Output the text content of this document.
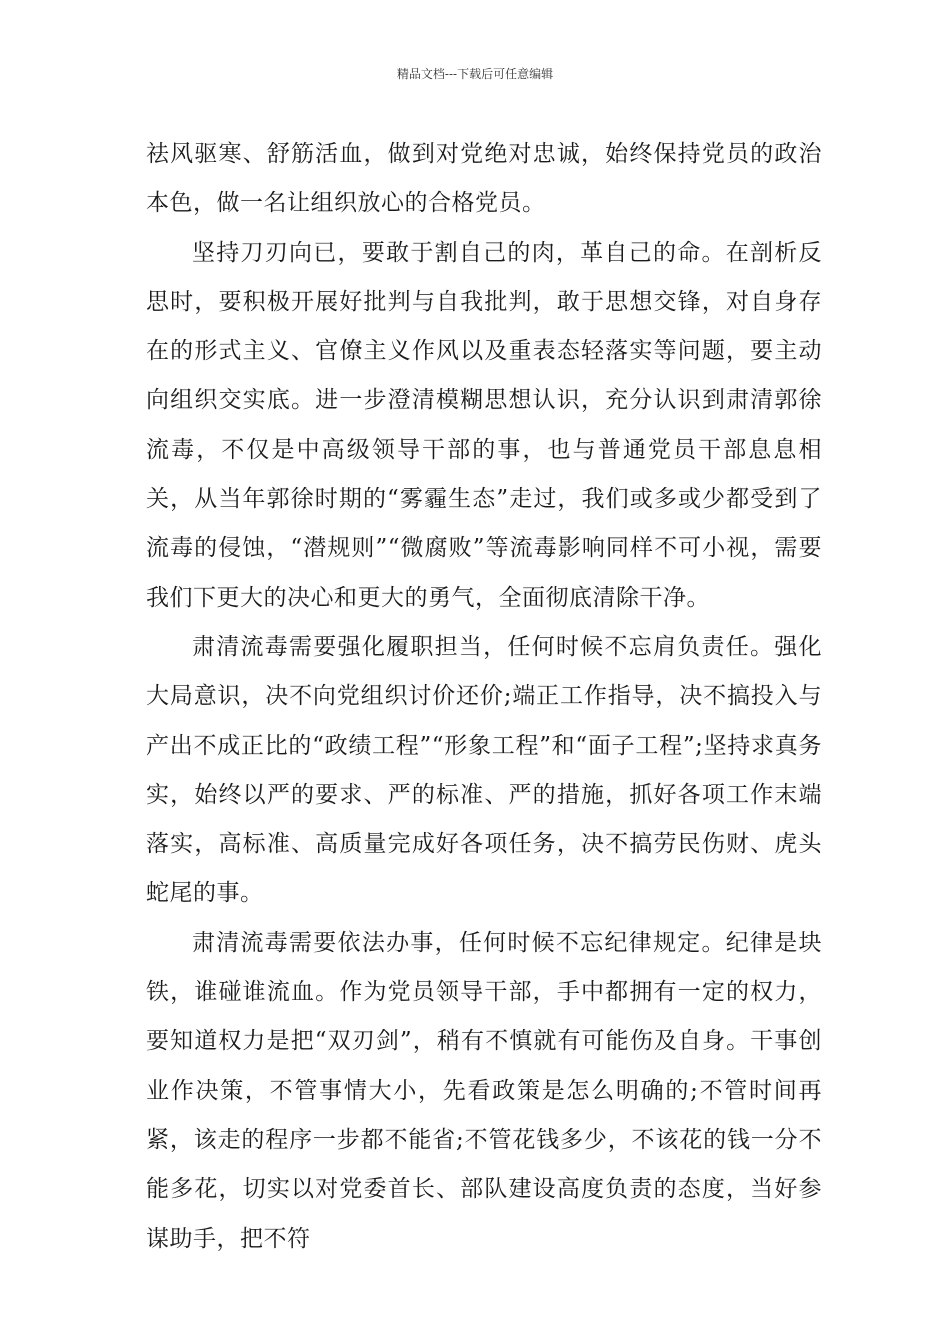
精品文档---下载后可任意编辑

祛风驱寒、舒筋活血，做到对党绝对忠诚，始终保持党员的政治本色，做一名让组织放心的合格党员。

坚持刀刃向已，要敢于割自己的肉，革自己的命。在剖析反思时，要积极开展好批判与自我批判，敢于思想交锋，对自身存在的形式主义、官僚主义作风以及重表态轻落实等问题，要主动向组织交实底。进一步澄清模糊思想认识，充分认识到肃清郭徐流毒，不仅是中高级领导干部的事，也与普通党员干部息息相关，从当年郭徐时期的“雾霾生态”走过，我们或多或少都受到了流毒的侵蚀，“潜规则”“微腐败”等流毒影响同样不可小视，需要我们下更大的决心和更大的勇气，全面彻底清除干净。

肃清流毒需要强化履职担当，任何时候不忘肩负责任。强化大局意识，决不向党组织讨价还价;端正工作指导，决不搞投入与产出不成正比的“政绩工程”“形象工程”和“面子工程”;坚持求真务实，始终以严的要求、严的标准、严的措施，抓好各项工作末端落实，高标准、高质量完成好各项任务，决不搞劳民伤财、虎头蛇尾的事。

肃清流毒需要依法办事，任何时候不忘纪律规定。纪律是块铁，谁碰谁流血。作为党员领导干部，手中都拥有一定的权力，要知道权力是把“双刃剑”，稍有不慎就有可能伤及自身。干事创业作决策，不管事情大小，先看政策是怎么明确的;不管时间再紧，该走的程序一步都不能省;不管花钱多少，不该花的钱一分不能多花，切实以对党委首长、部队建设高度负责的态度，当好参谋助手，把不符
